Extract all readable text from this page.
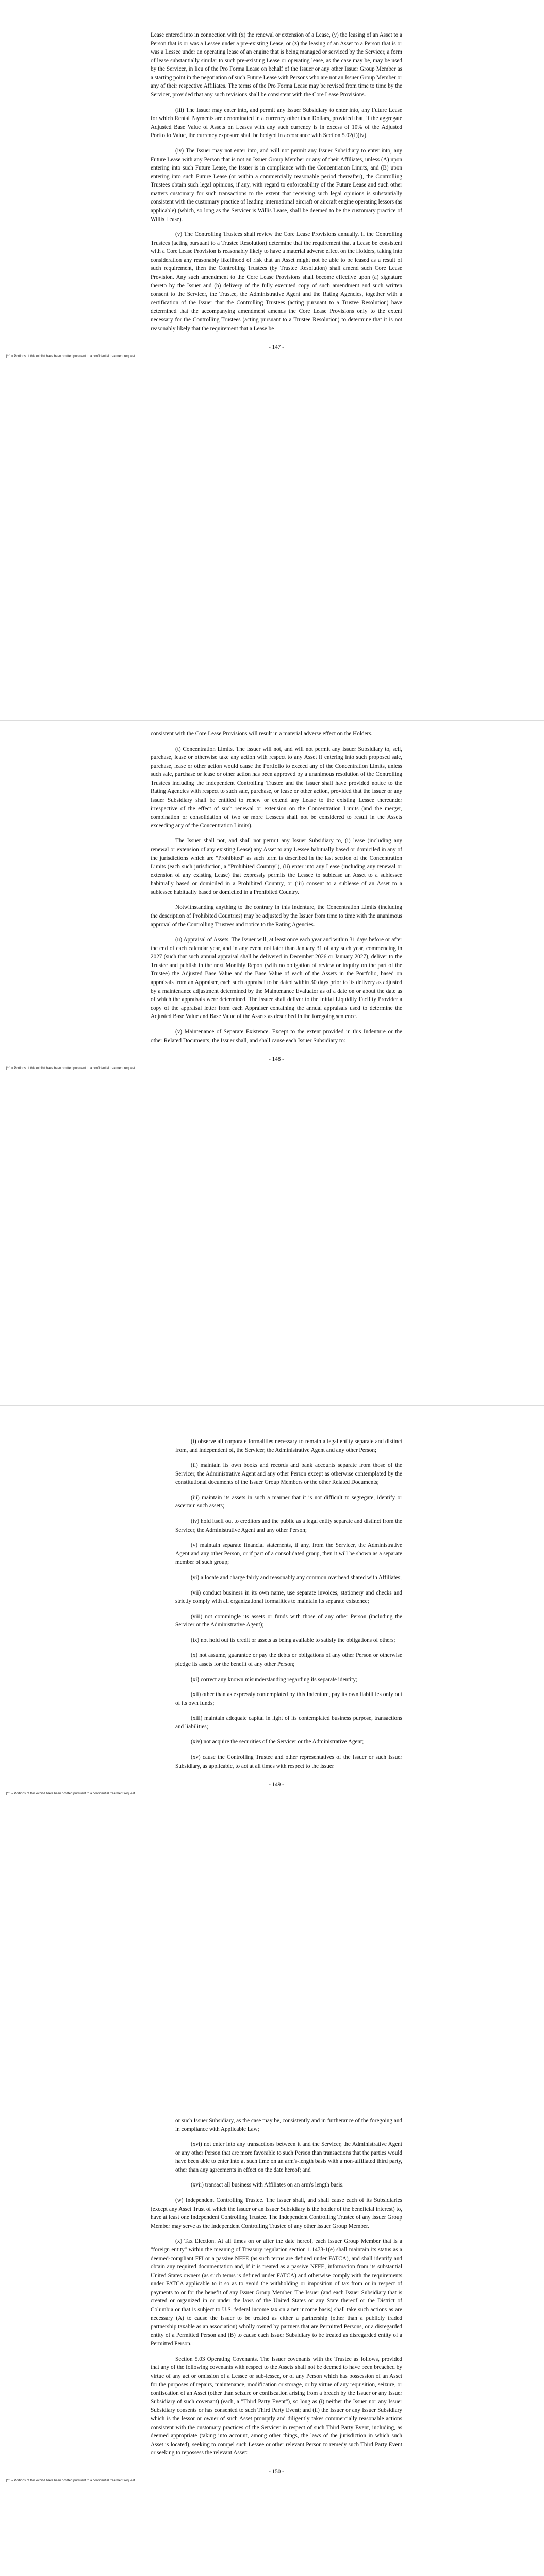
Lease entered into in connection with (x) the renewal or extension of a Lease, (y) the leasing of an Asset to a Person that is or was a Lessee under a pre-existing Lease, or (z) the leasing of an Asset to a Person that is or was a Lessee under an operating lease of an engine that is being managed or serviced by the Servicer, a form of lease substantially similar to such pre-existing Lease or operating lease, as the case may be, may be used by the Servicer, in lieu of the Pro Forma Lease on behalf of the Issuer or any other Issuer Group Member as a starting point in the negotiation of such Future Lease with Persons who are not an Issuer Group Member or any of their respective Affiliates. The terms of the Pro Forma Lease may be revised from time to time by the Servicer, provided that any such revisions shall be consistent with the Core Lease Provisions.

(iii) The Issuer may enter into, and permit any Issuer Subsidiary to enter into, any Future Lease for which Rental Payments are denominated in a currency other than Dollars, provided that, if the aggregate Adjusted Base Value of Assets on Leases with any such currency is in excess of 10% of the Adjusted Portfolio Value, the currency exposure shall be hedged in accordance with Section 5.02(f)(iv).

(iv) The Issuer may not enter into, and will not permit any Issuer Subsidiary to enter into, any Future Lease with any Person that is not an Issuer Group Member or any of their Affiliates, unless (A) upon entering into such Future Lease, the Issuer is in compliance with the Concentration Limits, and (B) upon entering into such Future Lease (or within a commercially reasonable period thereafter), the Controlling Trustees obtain such legal opinions, if any, with regard to enforceability of the Future Lease and such other matters customary for such transactions to the extent that receiving such legal opinions is substantially consistent with the customary practice of leading international aircraft or aircraft engine operating lessors (as applicable) (which, so long as the Servicer is Willis Lease, shall be deemed to be the customary practice of Willis Lease).

(v) The Controlling Trustees shall review the Core Lease Provisions annually. If the Controlling Trustees (acting pursuant to a Trustee Resolution) determine that the requirement that a Lease be consistent with a Core Lease Provision is reasonably likely to have a material adverse effect on the Holders, taking into consideration any reasonably likelihood of risk that an Asset might not be able to be leased as a result of such requirement, then the Controlling Trustees (by Trustee Resolution) shall amend such Core Lease Provision. Any such amendment to the Core Lease Provisions shall become effective upon (a) signature thereto by the Issuer and (b) delivery of the fully executed copy of such amendment and such written consent to the Servicer, the Trustee, the Administrative Agent and the Rating Agencies, together with a certification of the Issuer that the Controlling Trustees (acting pursuant to a Trustee Resolution) have determined that the accompanying amendment amends the Core Lease Provisions only to the extent necessary for the Controlling Trustees (acting pursuant to a Trustee Resolution) to determine that it is not reasonably likely that the requirement that a Lease be

- 147 -
[**] = Portions of this exhibit have been omitted pursuant to a confidential treatment request.

consistent with the Core Lease Provisions will result in a material adverse effect on the Holders.

(t) Concentration Limits. The Issuer will not, and will not permit any Issuer Subsidiary to, sell, purchase, lease or otherwise take any action with respect to any Asset if entering into such proposed sale, purchase, lease or other action would cause the Portfolio to exceed any of the Concentration Limits, unless such sale, purchase or lease or other action has been approved by a unanimous resolution of the Controlling Trustees including the Independent Controlling Trustee and the Issuer shall have provided notice to the Rating Agencies with respect to such sale, purchase, or lease or other action, provided that the Issuer or any Issuer Subsidiary shall be entitled to renew or extend any Lease to the existing Lessee thereunder irrespective of the effect of such renewal or extension on the Concentration Limits (and the merger, combination or consolidation of two or more Lessees shall not be considered to result in the Assets exceeding any of the Concentration Limits).

The Issuer shall not, and shall not permit any Issuer Subsidiary to, (i) lease (including any renewal or extension of any existing Lease) any Asset to any Lessee habitually based or domiciled in any of the jurisdictions which are "Prohibited" as such term is described in the last section of the Concentration Limits (each such jurisdiction, a "Prohibited Country"), (ii) enter into any Lease (including any renewal or extension of any existing Lease) that expressly permits the Lessee to sublease an Asset to a sublessee habitually based or domiciled in a Prohibited Country, or (iii) consent to a sublease of an Asset to a sublessee habitually based or domiciled in a Prohibited Country.

Notwithstanding anything to the contrary in this Indenture, the Concentration Limits (including the description of Prohibited Countries) may be adjusted by the Issuer from time to time with the unanimous approval of the Controlling Trustees and notice to the Rating Agencies.

(u) Appraisal of Assets. The Issuer will, at least once each year and within 31 days before or after the end of each calendar year, and in any event not later than January 31 of any such year, commencing in 2027 (such that such annual appraisal shall be delivered in December 2026 or January 2027), deliver to the Trustee and publish in the next Monthly Report (with no obligation of review or inquiry on the part of the Trustee) the Adjusted Base Value and the Base Value of each of the Assets in the Portfolio, based on appraisals from an Appraiser, each such appraisal to be dated within 30 days prior to its delivery as adjusted by a maintenance adjustment determined by the Maintenance Evaluator as of a date on or about the date as of which the appraisals were determined. The Issuer shall deliver to the Initial Liquidity Facility Provider a copy of the appraisal letter from each Appraiser containing the annual appraisals used to determine the Adjusted Base Value and Base Value of the Assets as described in the foregoing sentence.

(v) Maintenance of Separate Existence. Except to the extent provided in this Indenture or the other Related Documents, the Issuer shall, and shall cause each Issuer Subsidiary to:

- 148 -
[**] = Portions of this exhibit have been omitted pursuant to a confidential treatment request.

(i) observe all corporate formalities necessary to remain a legal entity separate and distinct from, and independent of, the Servicer, the Administrative Agent and any other Person;

(ii) maintain its own books and records and bank accounts separate from those of the Servicer, the Administrative Agent and any other Person except as otherwise contemplated by the constitutional documents of the Issuer Group Members or the other Related Documents;

(iii) maintain its assets in such a manner that it is not difficult to segregate, identify or ascertain such assets;

(iv) hold itself out to creditors and the public as a legal entity separate and distinct from the Servicer, the Administrative Agent and any other Person;

(v) maintain separate financial statements, if any, from the Servicer, the Administrative Agent and any other Person, or if part of a consolidated group, then it will be shown as a separate member of such group;

(vi) allocate and charge fairly and reasonably any common overhead shared with Affiliates;

(vii) conduct business in its own name, use separate invoices, stationery and checks and strictly comply with all organizational formalities to maintain its separate existence;

(viii) not commingle its assets or funds with those of any other Person (including the Servicer or the Administrative Agent);

(ix) not hold out its credit or assets as being available to satisfy the obligations of others;

(x) not assume, guarantee or pay the debts or obligations of any other Person or otherwise pledge its assets for the benefit of any other Person;

(xi) correct any known misunderstanding regarding its separate identity;

(xii) other than as expressly contemplated by this Indenture, pay its own liabilities only out of its own funds;

(xiii) maintain adequate capital in light of its contemplated business purpose, transactions and liabilities;

(xiv) not acquire the securities of the Servicer or the Administrative Agent;

(xv) cause the Controlling Trustee and other representatives of the Issuer or such Issuer Subsidiary, as applicable, to act at all times with respect to the Issuer

- 149 -
[**] = Portions of this exhibit have been omitted pursuant to a confidential treatment request.

or such Issuer Subsidiary, as the case may be, consistently and in furtherance of the foregoing and in compliance with Applicable Law;

(xvi) not enter into any transactions between it and the Servicer, the Administrative Agent or any other Person that are more favorable to such Person than transactions that the parties would have been able to enter into at such time on an arm's-length basis with a non-affiliated third party, other than any agreements in effect on the date hereof; and

(xvii) transact all business with Affiliates on an arm's length basis.

(w) Independent Controlling Trustee. The Issuer shall, and shall cause each of its Subsidiaries (except any Asset Trust of which the Issuer or an Issuer Subsidiary is the holder of the beneficial interest) to, have at least one Independent Controlling Trustee. The Independent Controlling Trustee of any Issuer Group Member may serve as the Independent Controlling Trustee of any other Issuer Group Member.

(x) Tax Election. At all times on or after the date hereof, each Issuer Group Member that is a "foreign entity" within the meaning of Treasury regulation section 1.1473-1(e) shall maintain its status as a deemed-compliant FFI or a passive NFFE (as such terms are defined under FATCA), and shall identify and obtain any required documentation and, if it is treated as a passive NFFE, information from its substantial United States owners (as such terms is defined under FATCA) and otherwise comply with the requirements under FATCA applicable to it so as to avoid the withholding or imposition of tax from or in respect of payments to or for the benefit of any Issuer Group Member. The Issuer (and each Issuer Subsidiary that is created or organized in or under the laws of the United States or any State thereof or the District of Columbia or that is subject to U.S. federal income tax on a net income basis) shall take such actions as are necessary (A) to cause the Issuer to be treated as either a partnership (other than a publicly traded partnership taxable as an association) wholly owned by partners that are Permitted Persons, or a disregarded entity of a Permitted Person and (B) to cause each Issuer Subsidiary to be treated as disregarded entity of a Permitted Person.

Section 5.03 Operating Covenants. The Issuer covenants with the Trustee as follows, provided that any of the following covenants with respect to the Assets shall not be deemed to have been breached by virtue of any act or omission of a Lessee or sub-lessee, or of any Person which has possession of an Asset for the purposes of repairs, maintenance, modification or storage, or by virtue of any requisition, seizure, or confiscation of an Asset (other than seizure or confiscation arising from a breach by the Issuer or any Issuer Subsidiary of such covenant) (each, a "Third Party Event"), so long as (i) neither the Issuer nor any Issuer Subsidiary consents or has consented to such Third Party Event; and (ii) the Issuer or any Issuer Subsidiary which is the lessor or owner of such Asset promptly and diligently takes commercially reasonable actions consistent with the customary practices of the Servicer in respect of such Third Party Event, including, as deemed appropriate (taking into account, among other things, the laws of the jurisdiction in which such Asset is located), seeking to compel such Lessee or other relevant Person to remedy such Third Party Event or seeking to repossess the relevant Asset:

- 150 -
[**] = Portions of this exhibit have been omitted pursuant to a confidential treatment request.
